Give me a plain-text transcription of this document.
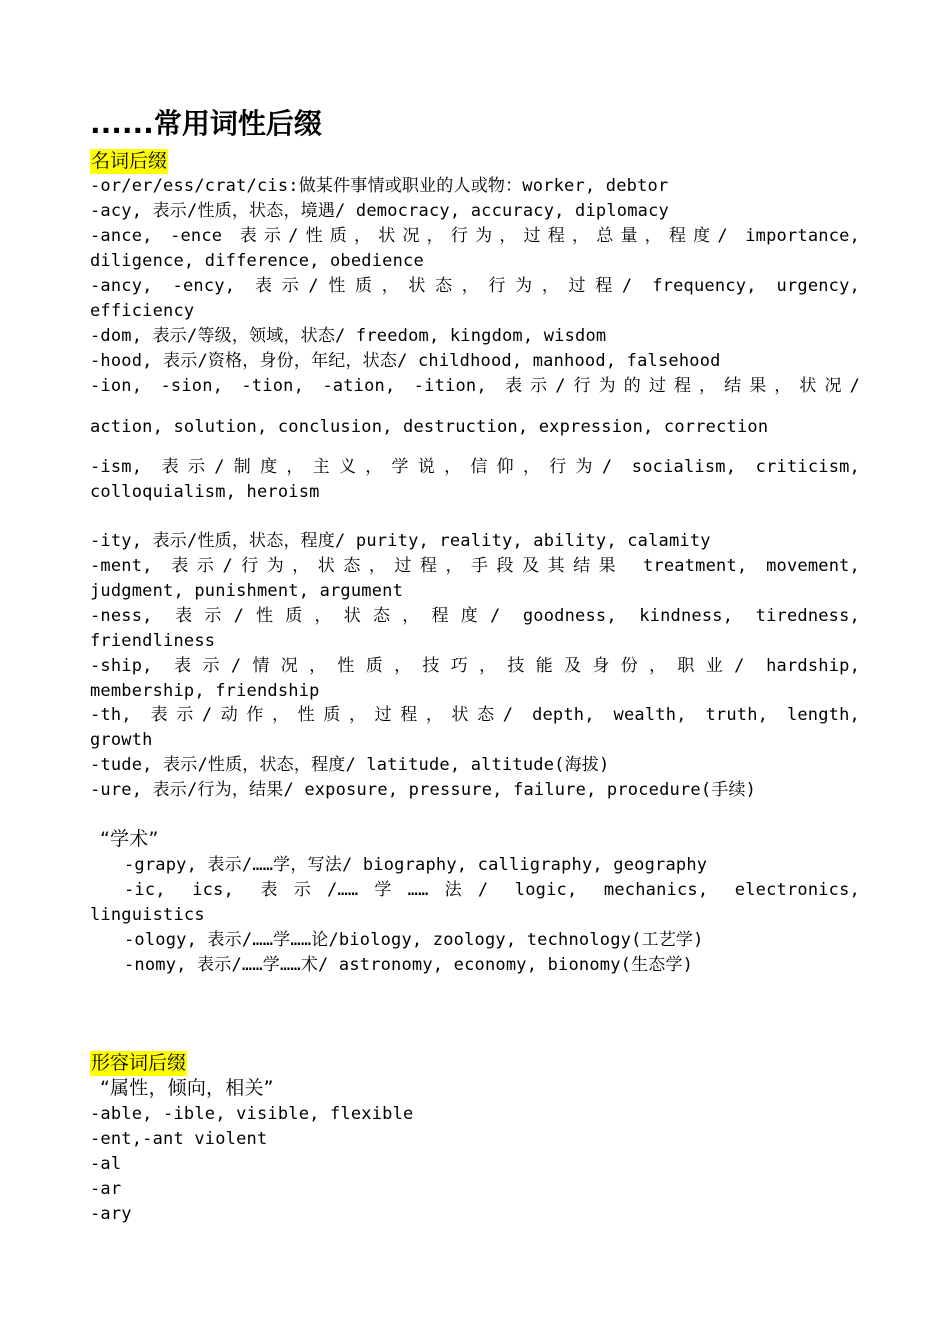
......常用词性后缀
名词后缀
-or/er/ess/crat/cis:做某件事情或职业的人或物：worker, debtor
-acy, 表示/性质，状态，境遇/ democracy, accuracy, diplomacy
-ance, -ence 表示/性质，状况，行为，过程，总量，程度/ importance,
diligence, difference, obedience
-ancy, -ency, 表示/性质，状态，行为，过程/ frequency, urgency,
efficiency
-dom, 表示/等级，领域，状态/ freedom, kingdom, wisdom
-hood, 表示/资格，身份，年纪，状态/ childhood, manhood, falsehood
-ion, -sion, -tion, -ation, -ition, 表示/行为的过程，结果，状况/
action, solution, conclusion, destruction, expression, correction
-ism, 表示/制度，主义，学说，信仰，行为/ socialism, criticism,
colloquialism, heroism
-ity, 表示/性质，状态，程度/ purity, reality, ability, calamity
-ment, 表示/行为，状态，过程，手段及其结果 treatment, movement,
judgment, punishment, argument
-ness, 表示/性质，状态，程度/ goodness, kindness, tiredness,
friendliness
-ship, 表示/情况，性质，技巧，技能及身份，职业/ hardship,
membership, friendship
-th, 表示/动作，性质，过程，状态/ depth, wealth, truth, length,
growth
-tude, 表示/性质，状态，程度/ latitude, altitude(海拔)
-ure, 表示/行为，结果/ exposure, pressure, failure, procedure(手续)
“学术”
-grapy, 表示/……学，写法/ biography, calligraphy, geography
-ic, ics, 表示/……学……法/ logic, mechanics, electronics,
linguistics
-ology, 表示/……学……论/biology, zoology, technology(工艺学)
-nomy, 表示/……学……术/ astronomy, economy, bionomy(生态学)
形容词后缀
“属性，倾向，相关”
-able, -ible, visible, flexible
-ent,-ant violent
-al
-ar
-ary
